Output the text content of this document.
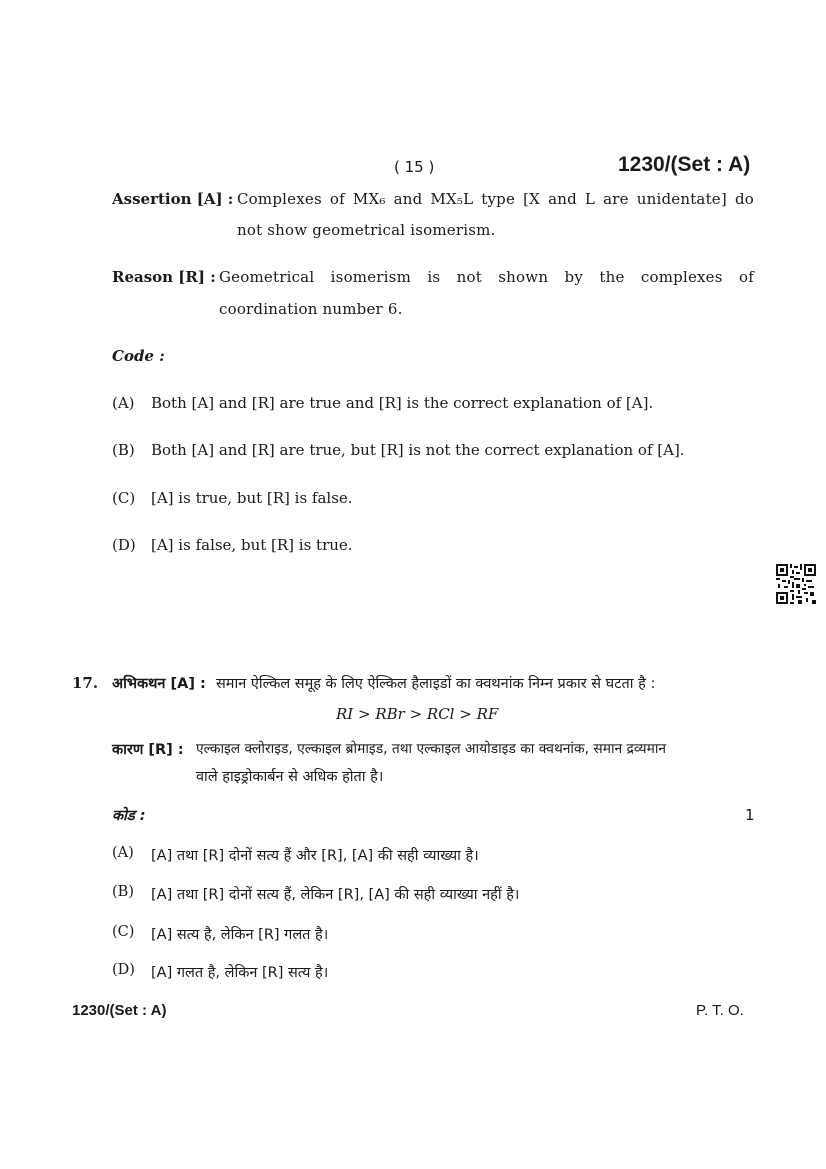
( 15 )	1230/(Set : A)
Assertion [A] : Complexes of MX₆ and MX₅L type [X and L are unidentate] do
not show geometrical isomerism.
Reason [R] : Geometrical isomerism is not shown by the complexes of
coordination number 6.
Code :
(A) Both [A] and [R] are true and [R] is the correct explanation of [A].
(B) Both [A] and [R] are true, but [R] is not the correct explanation of [A].
(C) [A] is true, but [R] is false.
(D) [A] is false, but [R] is true.
17. अभिकथन [A] : समान ऐल्किल समूह के लिए ऐल्किल हैलाइडों का क्वथनांक निम्न प्रकार से घटता है :
RI > RBr > RCl > RF
कारण [R] : एल्काइल क्लोराइड, एल्काइल ब्रोमाइड, तथा एल्काइल आयोडाइड का क्वथनांक, समान द्रव्यमान
वाले हाइड्रोकार्बन से अधिक होता है।
कोड :	1
(A) [A] तथा [R] दोनों सत्य हैं और [R], [A] की सही व्याख्या है।
(B) [A] तथा [R] दोनों सत्य हैं, लेकिन [R], [A] की सही व्याख्या नहीं है।
(C) [A] सत्य है, लेकिन [R] गलत है।
(D) [A] गलत है, लेकिन [R] सत्य है।
1230/(Set : A)	P. T. O.
